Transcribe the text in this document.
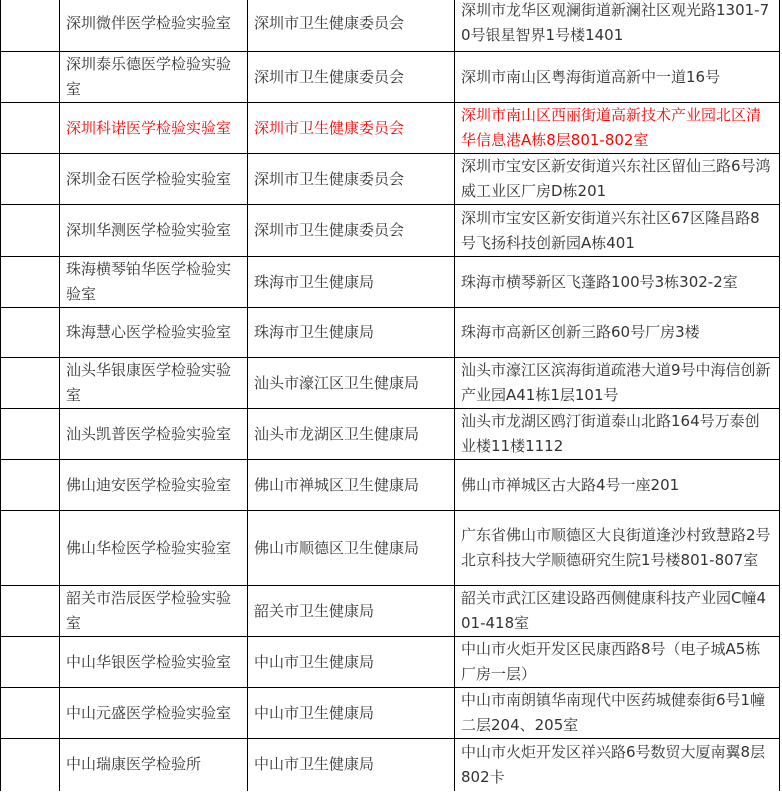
	深圳微伴医学检验实验室	深圳市卫生健康委员会	深圳市龙华区观澜街道新澜社区观光路1301-70号银星智界1号楼1401
	深圳泰乐德医学检验实验室	深圳市卫生健康委员会	深圳市南山区粤海街道高新中一道16号
	深圳科诺医学检验实验室	深圳市卫生健康委员会	深圳市南山区西丽街道高新技术产业园北区清华信息港A栋8层801-802室
	深圳金石医学检验实验室	深圳市卫生健康委员会	深圳市宝安区新安街道兴东社区留仙三路6号鸿威工业区厂房D栋201
	深圳华测医学检验实验室	深圳市卫生健康委员会	深圳市宝安区新安街道兴东社区67区隆昌路8号飞扬科技创新园A栋401
	珠海横琴铂华医学检验实验室	珠海市卫生健康局	珠海市横琴新区飞蓬路100号3栋302-2室
	珠海慧心医学检验实验室	珠海市卫生健康局	珠海市高新区创新三路60号厂房3楼
	汕头华银康医学检验实验室	汕头市濠江区卫生健康局	汕头市濠江区滨海街道疏港大道9号中海信创新产业园A41栋1层101号
	汕头凯普医学检验实验室	汕头市龙湖区卫生健康局	汕头市龙湖区鸥汀街道泰山北路164号万泰创业楼11楼1112
	佛山迪安医学检验实验室	佛山市禅城区卫生健康局	佛山市禅城区古大路4号一座201
	佛山华检医学检验实验室	佛山市顺德区卫生健康局	广东省佛山市顺德区大良街道逢沙村致慧路2号北京科技大学顺德研究生院1号楼801-807室
	韶关市浩辰医学检验实验室	韶关市卫生健康局	韶关市武江区建设路西侧健康科技产业园C幢401-418室
	中山华银医学检验实验室	中山市卫生健康局	中山市火炬开发区民康西路8号（电子城A5栋厂房一层）
	中山元盛医学检验实验室	中山市卫生健康局	中山市南朗镇华南现代中医药城健泰街6号1幢二层204、205室
	中山瑞康医学检验所	中山市卫生健康局	中山市火炬开发区祥兴路6号数贸大厦南翼8层802卡
